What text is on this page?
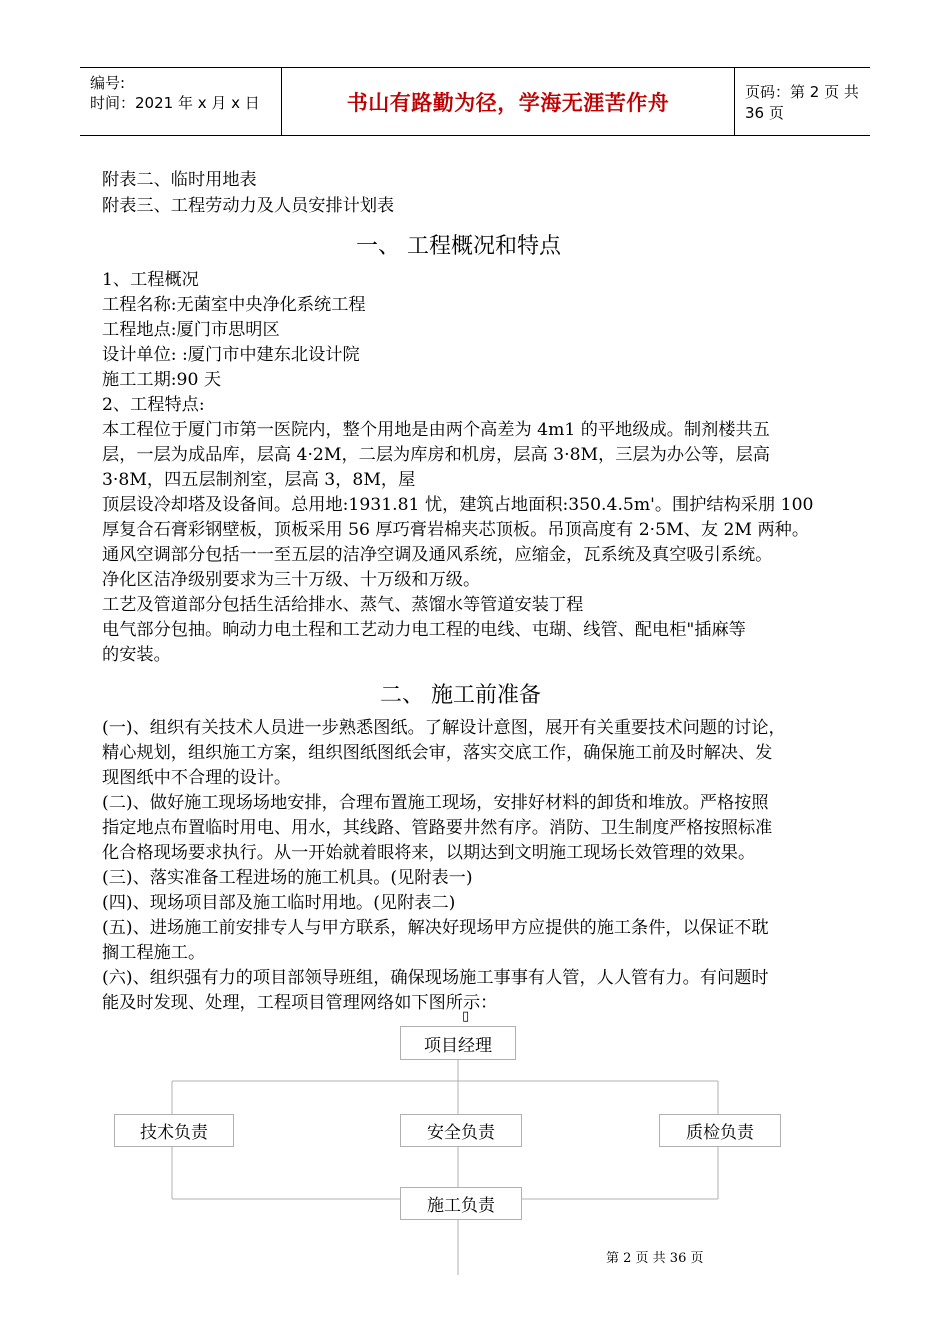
编号:
时间：2021 年 x 月 x 日	书山有路勤为径，学海无涯苦作舟	页码：第 2 页 共 36 页
附表二、临时用地表
附表三、工程劳动力及人员安排计划表
一、 工程概况和特点
1、工程概况
工程名称:无菌室中央净化系统工程
工程地点:厦门市思明区
设计单位: :厦门市中建东北设计院
施工工期:90 天
2、工程特点:
本工程位于厦门市第一医院内，整个用地是由两个高差为 4m1 的平地级成。制剂楼共五
层，一层为成品库，层高 4·2M，二层为库房和机房，层高 3·8M，三层为办公等，层高
3·8M，四五层制剂室，层高 3，8M，屋
顶层设冷却塔及设备间。总用地:1931.81 忧，建筑占地面积:350.4.5m'。围护结构采朋 100
厚复合石膏彩钢壁板，顶板采用 56 厚巧膏岩棉夹芯顶板。吊顶高度有 2·5M、友 2M 两种。
通风空调部分包括一一至五层的洁净空调及通风系统，应缩金，瓦系统及真空吸引系统。
净化区洁净级别要求为三十万级、十万级和万级。
工艺及管道部分包括生活给排水、蒸气、蒸馏水等管道安装丁程
电气部分包抽。晌动力电土程和工艺动力电工程的电线、屯瑚、线管、配电柜"插麻等
的安装。
二、 施工前准备
(一)、组织有关技术人员进一步熟悉图纸。了解设计意图，展开有关重要技术问题的讨论，
精心规划，组织施工方案，组织图纸图纸会审，落实交底工作，确保施工前及时解决、发
现图纸中不合理的设计。
(二)、做好施工现场场地安排，合理布置施工现场，安排好材料的卸货和堆放。严格按照
指定地点布置临时用电、用水，其线路、管路要井然有序。消防、卫生制度严格按照标准
化合格现场要求执行。从一开始就着眼将来，以期达到文明施工现场长效管理的效果。
(三)、落实准备工程进场的施工机具。(见附表一)
(四)、现场项目部及施工临时用地。(见附表二)
(五)、进场施工前安排专人与甲方联系，解决好现场甲方应提供的施工条件，以保证不耽
搁工程施工。
(六)、组织强有力的项目部领导班组，确保现场施工事事有人管，人人管有力。有问题时
能及时发现、处理，工程项目管理网络如下图所示：
▯
项目经理
技术负责	安全负责	质检负责
施工负责
第 2 页 共 36 页
